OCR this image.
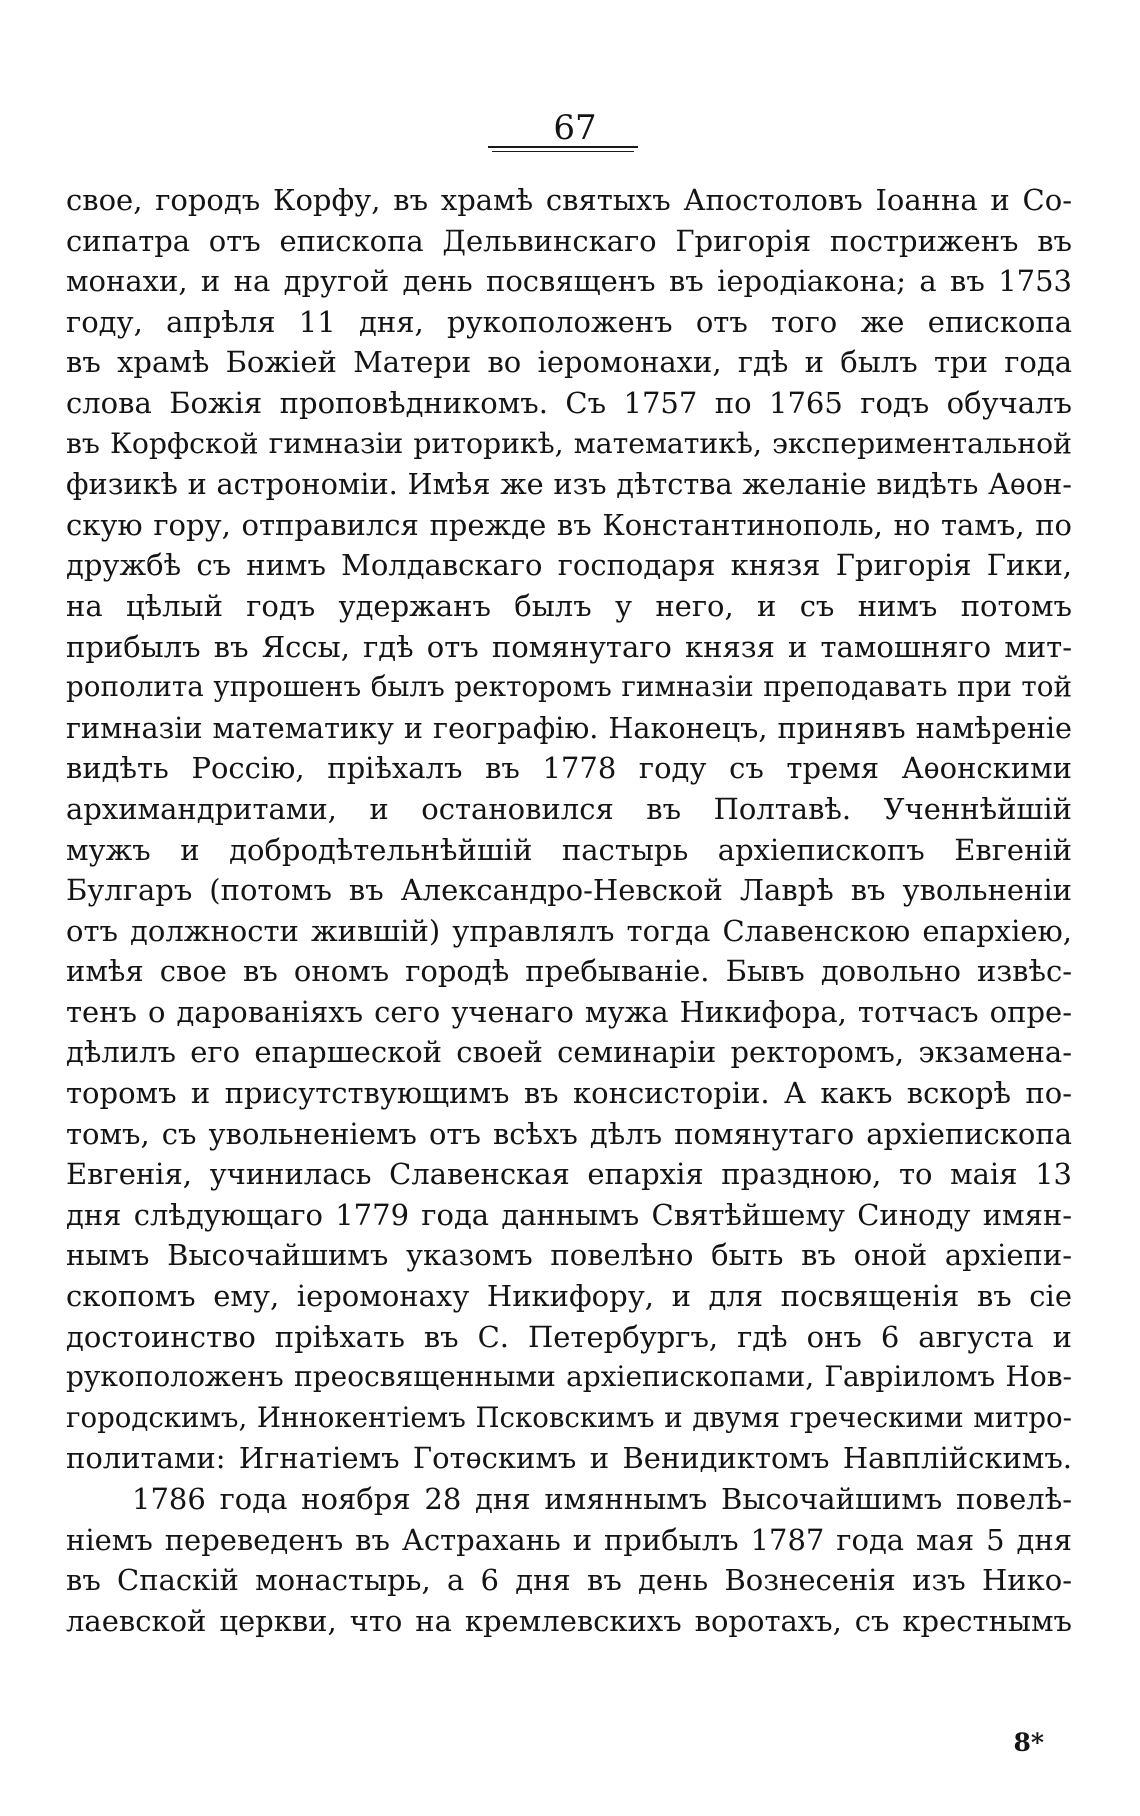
67
свое, городъ Корфу, въ храмѣ святыхъ Апостоловъ Іоанна и Со-
сипатра отъ епископа Дельвинскаго Григорія постриженъ въ
монахи, и на другой день посвященъ въ іеродіакона; а въ 1753
году, апрѣля 11 дня, рукоположенъ отъ того же епископа
въ храмѣ Божіей Матери во іеромонахи, гдѣ и былъ три года
слова Божія проповѣдникомъ. Съ 1757 по 1765 годъ обучалъ
въ Корфской гимназіи риторикѣ, математикѣ, экспериментальной
физикѣ и астрономіи. Имѣя же изъ дѣтства желаніе видѣть Аѳон-
скую гору, отправился прежде въ Константинополь, но тамъ, по
дружбѣ съ нимъ Молдавскаго господаря князя Григорія Гики,
на цѣлый годъ удержанъ былъ у него, и съ нимъ потомъ
прибылъ въ Яссы, гдѣ отъ помянутаго князя и тамошняго мит-
рополита упрошенъ былъ ректоромъ гимназіи преподавать при той
гимназіи математику и географію. Наконецъ, принявъ намѣреніе
видѣть Россію, пріѣхалъ въ 1778 году съ тремя Аѳонскими
архимандритами, и остановился въ Полтавѣ. Ученнѣйшій
мужъ и добродѣтельнѣйшій пастырь архіепископъ Евгеній
Булгаръ (потомъ въ Александро-Невской Лаврѣ въ увольненіи
отъ должности жившій) управлялъ тогда Славенскою епархіею,
имѣя свое въ ономъ городѣ пребываніе. Бывъ довольно извѣс-
тенъ о дарованіяхъ сего ученаго мужа Никифора, тотчасъ опре-
дѣлилъ его епаршеской своей семинаріи ректоромъ, экзамена-
торомъ и присутствующимъ въ консисторіи. А какъ вскорѣ по-
томъ, съ увольненіемъ отъ всѣхъ дѣлъ помянутаго архіепископа
Евгенія, учинилась Славенская епархія праздною, то маія 13
дня слѣдующаго 1779 года даннымъ Святѣйшему Синоду имян-
нымъ Высочайшимъ указомъ повелѣно быть въ оной архіепи-
скопомъ ему, іеромонаху Никифору, и для посвященія въ сіе
достоинство пріѣхать въ С. Петербургъ, гдѣ онъ 6 августа и
рукоположенъ преосвященными архіепископами, Гавріиломъ Нов-
городскимъ, Иннокентіемъ Псковскимъ и двумя греческими митро-
политами: Игнатіемъ Готѳскимъ и Венидиктомъ Навплійскимъ.
1786 года ноября 28 дня имяннымъ Высочайшимъ повелѣ-
ніемъ переведенъ въ Астрахань и прибылъ 1787 года мая 5 дня
въ Спаскій монастырь, а 6 дня въ день Вознесенія изъ Нико-
лаевской церкви, что на кремлевскихъ воротахъ, съ крестнымъ
8*
